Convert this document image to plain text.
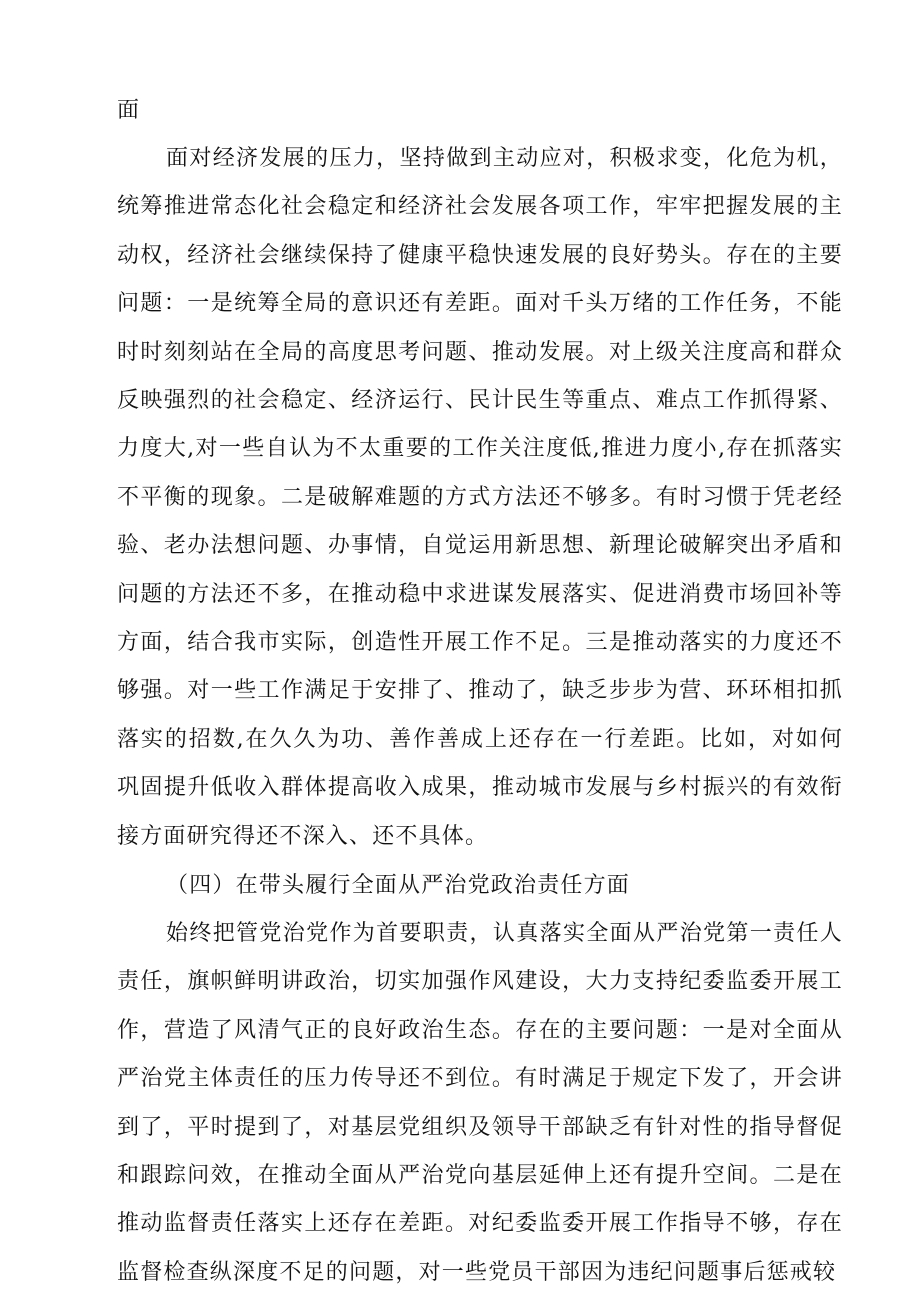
面

面对经济发展的压力，坚持做到主动应对，积极求变，化危为机，统筹推进常态化社会稳定和经济社会发展各项工作，牢牢把握发展的主动权，经济社会继续保持了健康平稳快速发展的良好势头。存在的主要问题：一是统筹全局的意识还有差距。面对千头万绪的工作任务，不能时时刻刻站在全局的高度思考问题、推动发展。对上级关注度高和群众反映强烈的社会稳定、经济运行、民计民生等重点、难点工作抓得紧、力度大,对一些自认为不太重要的工作关注度低,推进力度小,存在抓落实不平衡的现象。二是破解难题的方式方法还不够多。有时习惯于凭老经验、老办法想问题、办事情，自觉运用新思想、新理论破解突出矛盾和问题的方法还不多，在推动稳中求进谋发展落实、促进消费市场回补等方面，结合我市实际，创造性开展工作不足。三是推动落实的力度还不够强。对一些工作满足于安排了、推动了，缺乏步步为营、环环相扣抓落实的招数,在久久为功、善作善成上还存在一行差距。比如，对如何巩固提升低收入群体提高收入成果，推动城市发展与乡村振兴的有效衔接方面研究得还不深入、还不具体。

（四）在带头履行全面从严治党政治责任方面

始终把管党治党作为首要职责，认真落实全面从严治党第一责任人责任，旗帜鲜明讲政治，切实加强作风建设，大力支持纪委监委开展工作，营造了风清气正的良好政治生态。存在的主要问题：一是对全面从严治党主体责任的压力传导还不到位。有时满足于规定下发了，开会讲到了，平时提到了，对基层党组织及领导干部缺乏有针对性的指导督促和跟踪问效，在推动全面从严治党向基层延伸上还有提升空间。二是在推动监督责任落实上还存在差距。对纪委监委开展工作指导不够，存在监督检查纵深度不足的问题，对一些党员干部因为违纪问题事后惩戒较
